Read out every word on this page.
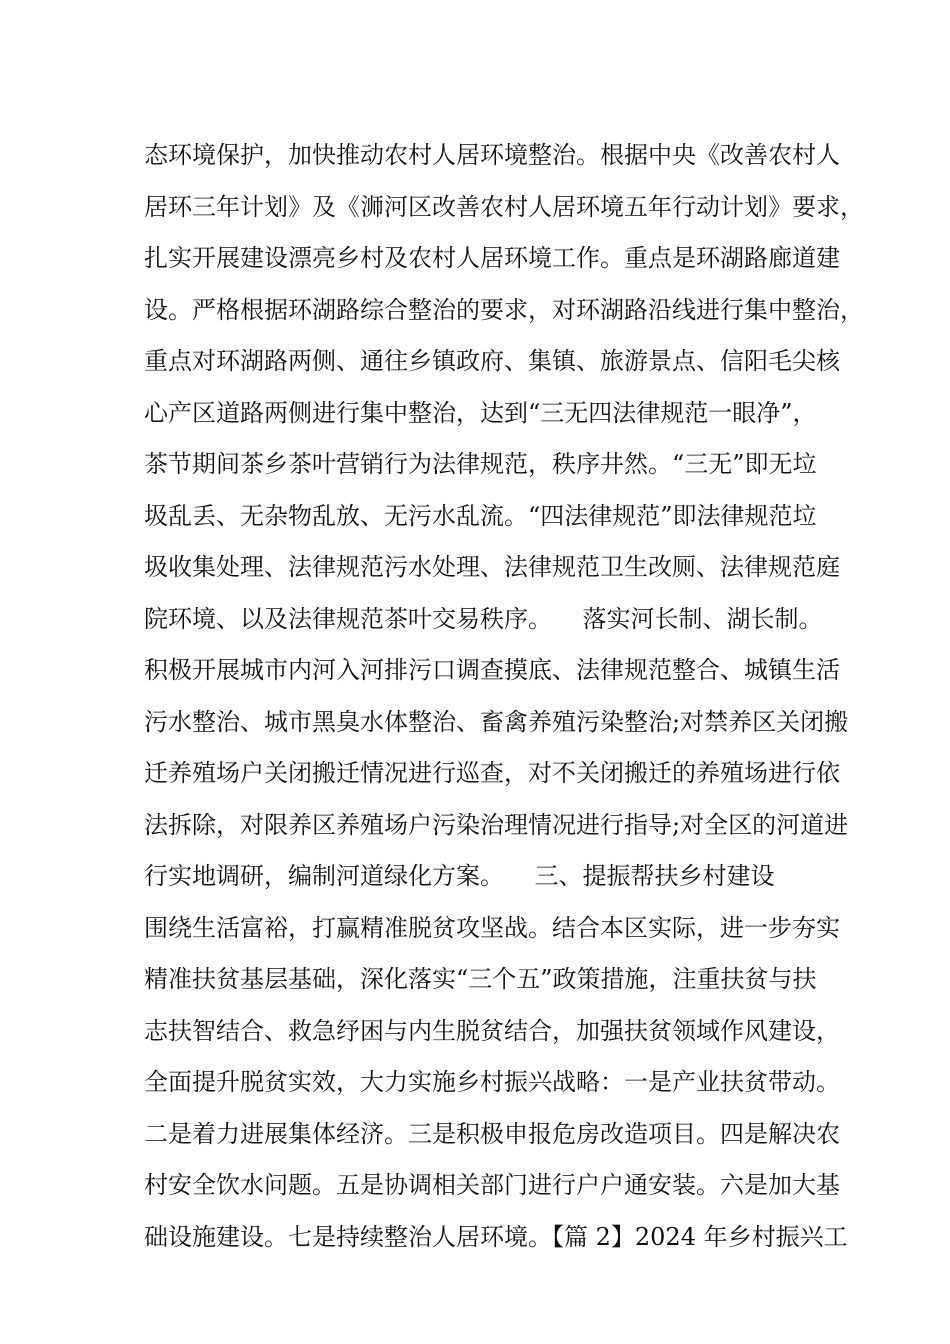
态环境保护，加快推动农村人居环境整治。根据中央《改善农村人
居环三年计划》及《浉河区改善农村人居环境五年行动计划》要求，
扎实开展建设漂亮乡村及农村人居环境工作。重点是环湖路廊道建
设。严格根据环湖路综合整治的要求，对环湖路沿线进行集中整治，
重点对环湖路两侧、通往乡镇政府、集镇、旅游景点、信阳毛尖核
心产区道路两侧进行集中整治，达到“三无四法律规范一眼净”，
茶节期间茶乡茶叶营销行为法律规范，秩序井然。“三无”即无垃
圾乱丢、无杂物乱放、无污水乱流。“四法律规范”即法律规范垃
圾收集处理、法律规范污水处理、法律规范卫生改厕、法律规范庭
院环境、以及法律规范茶叶交易秩序。    落实河长制、湖长制。
积极开展城市内河入河排污口调查摸底、法律规范整合、城镇生活
污水整治、城市黑臭水体整治、畜禽养殖污染整治;对禁养区关闭搬
迁养殖场户关闭搬迁情况进行巡查，对不关闭搬迁的养殖场进行依
法拆除，对限养区养殖场户污染治理情况进行指导;对全区的河道进
行实地调研，编制河道绿化方案。    三、提振帮扶乡村建设
围绕生活富裕，打赢精准脱贫攻坚战。结合本区实际，进一步夯实
精准扶贫基层基础，深化落实“三个五”政策措施，注重扶贫与扶
志扶智结合、救急纾困与内生脱贫结合，加强扶贫领域作风建设，
全面提升脱贫实效，大力实施乡村振兴战略：一是产业扶贫带动。
二是着力进展集体经济。三是积极申报危房改造项目。四是解决农
村安全饮水问题。五是协调相关部门进行户户通安装。六是加大基
础设施建设。七是持续整治人居环境。【篇 2】2024 年乡村振兴工
